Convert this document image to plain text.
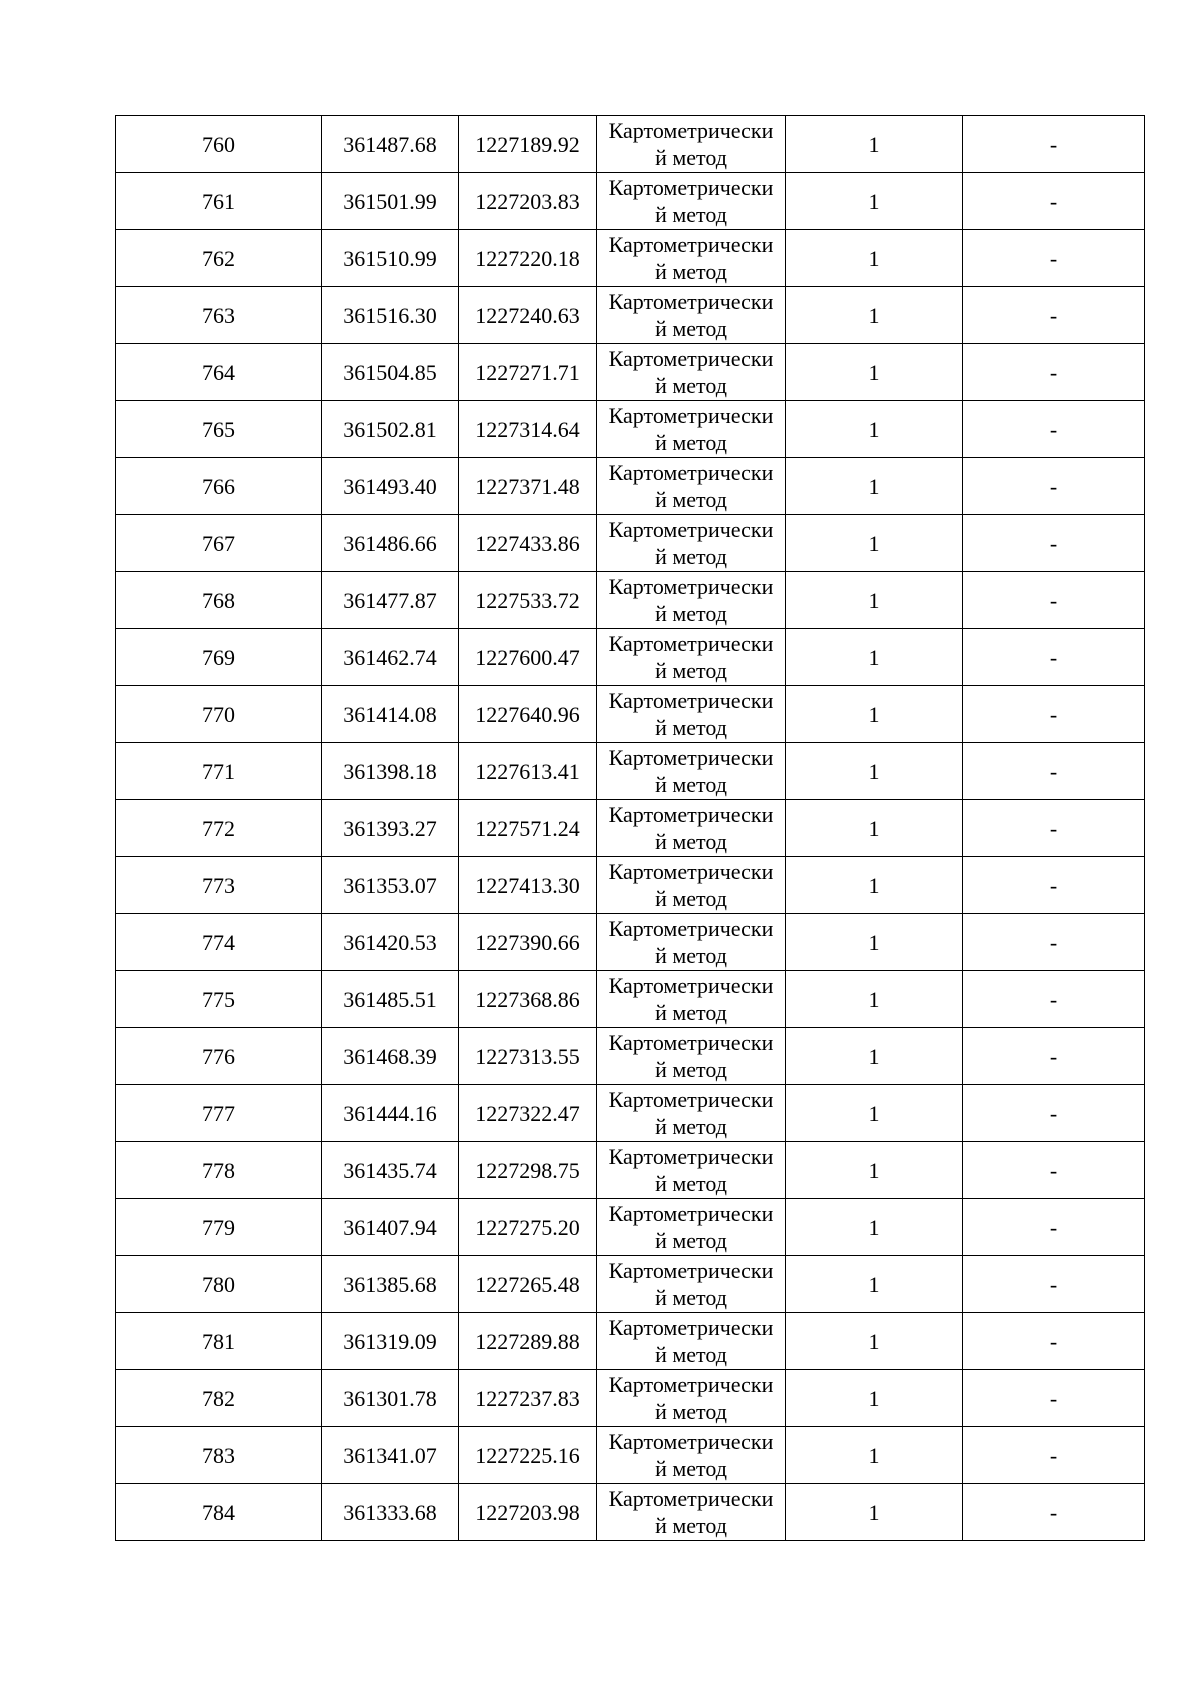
760	361487.68	1227189.92	Картометрически
й метод	1	-
761	361501.99	1227203.83	Картометрически
й метод	1	-
762	361510.99	1227220.18	Картометрически
й метод	1	-
763	361516.30	1227240.63	Картометрически
й метод	1	-
764	361504.85	1227271.71	Картометрически
й метод	1	-
765	361502.81	1227314.64	Картометрически
й метод	1	-
766	361493.40	1227371.48	Картометрически
й метод	1	-
767	361486.66	1227433.86	Картометрически
й метод	1	-
768	361477.87	1227533.72	Картометрически
й метод	1	-
769	361462.74	1227600.47	Картометрически
й метод	1	-
770	361414.08	1227640.96	Картометрически
й метод	1	-
771	361398.18	1227613.41	Картометрически
й метод	1	-
772	361393.27	1227571.24	Картометрически
й метод	1	-
773	361353.07	1227413.30	Картометрически
й метод	1	-
774	361420.53	1227390.66	Картометрически
й метод	1	-
775	361485.51	1227368.86	Картометрически
й метод	1	-
776	361468.39	1227313.55	Картометрически
й метод	1	-
777	361444.16	1227322.47	Картометрически
й метод	1	-
778	361435.74	1227298.75	Картометрически
й метод	1	-
779	361407.94	1227275.20	Картометрически
й метод	1	-
780	361385.68	1227265.48	Картометрически
й метод	1	-
781	361319.09	1227289.88	Картометрически
й метод	1	-
782	361301.78	1227237.83	Картометрически
й метод	1	-
783	361341.07	1227225.16	Картометрически
й метод	1	-
784	361333.68	1227203.98	Картометрически
й метод	1	-
